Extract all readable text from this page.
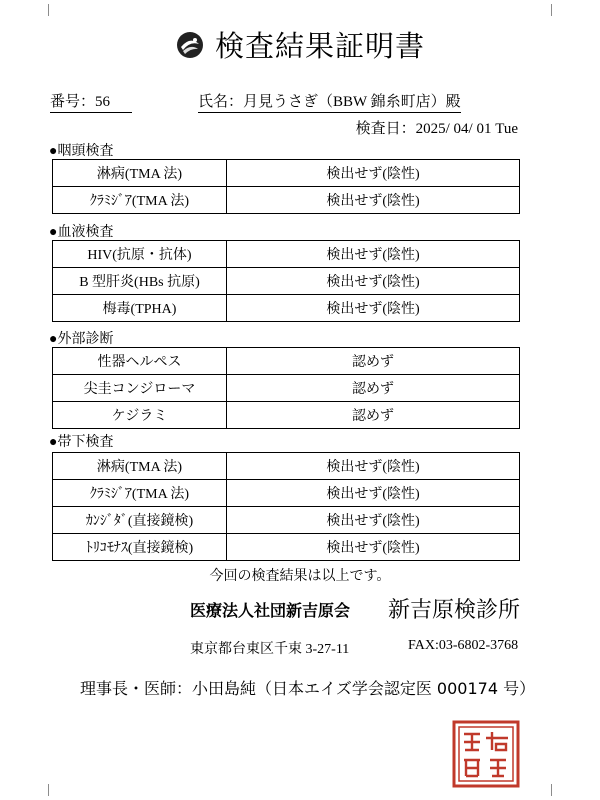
検査結果証明書
番号：56	氏名：月見うさぎ（BBW 錦糸町店）殿
検査日：2025/ 04/ 01 Tue
●咽頭検査
淋病(TMA 法)	検出せず(陰性)
ｸﾗﾐｼﾞｱ(TMA 法)	検出せず(陰性)
●血液検査
HIV(抗原・抗体)	検出せず(陰性)
B 型肝炎(HBs 抗原)	検出せず(陰性)
梅毒(TPHA)	検出せず(陰性)
●外部診断
性器ヘルペス	認めず
尖圭コンジローマ	認めず
ケジラミ	認めず
●帯下検査
淋病(TMA 法)	検出せず(陰性)
ｸﾗﾐｼﾞｱ(TMA 法)	検出せず(陰性)
ｶﾝｼﾞﾀﾞ(直接鏡検)	検出せず(陰性)
ﾄﾘｺﾓﾅｽ(直接鏡検)	検出せず(陰性)
今回の検査結果は以上です。
医療法人社団新吉原会 新吉原検診所
東京都台東区千束 3-27-11	FAX:03-6802-3768
理事長・医師：小田島純（日本エイズ学会認定医 000174 号）
